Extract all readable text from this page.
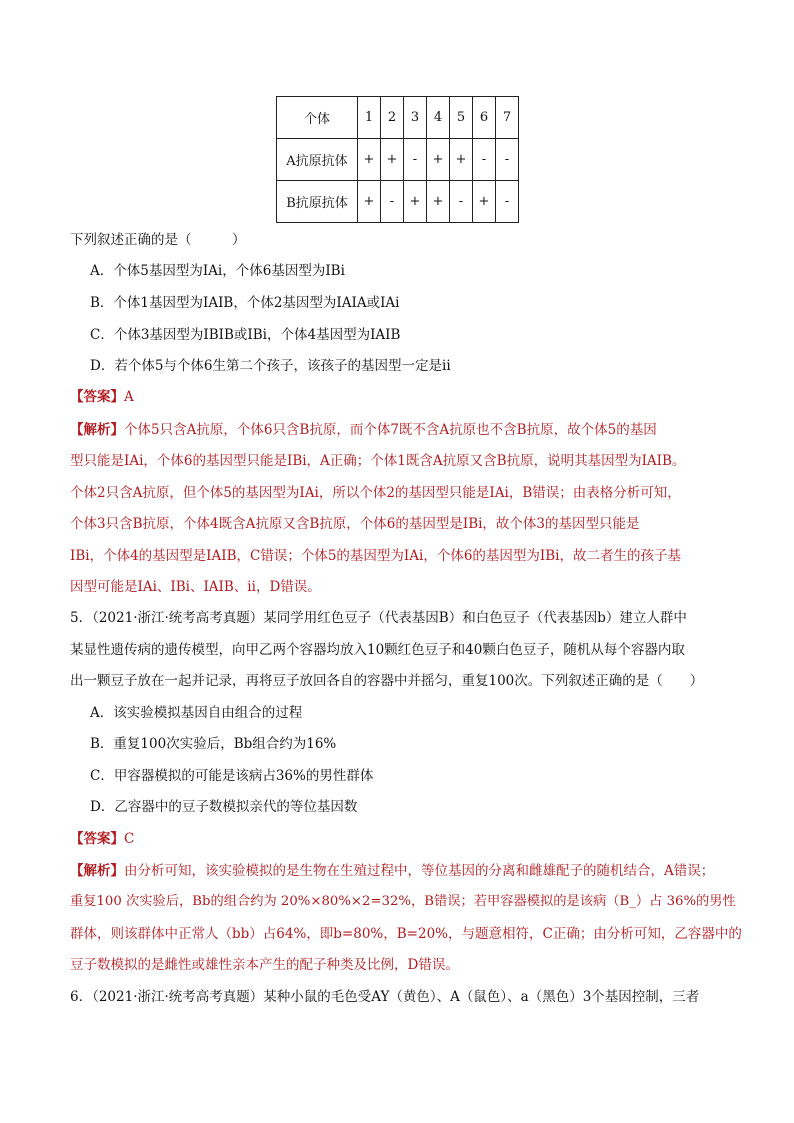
个体	1	2	3	4	5	6	7
A抗原抗体	+	+	-	+	+	-	-
B抗原抗体	+	-	+	+	-	+	-
下列叙述正确的是（　　　）
A．个体5基因型为IAi，个体6基因型为IBi
B．个体1基因型为IAIB，个体2基因型为IAIA或IAi
C．个体3基因型为IBIB或IBi，个体4基因型为IAIB
D．若个体5与个体6生第二个孩子，该孩子的基因型一定是ii
【答案】A
【解析】个体5只含A抗原，个体6只含B抗原，而个体7既不含A抗原也不含B抗原，故个体5的基因
型只能是IAi，个体6的基因型只能是IBi，A正确；个体1既含A抗原又含B抗原，说明其基因型为IAIB。
个体2只含A抗原，但个体5的基因型为IAi，所以个体2的基因型只能是IAi，B错误；由表格分析可知，
个体3只含B抗原，个体4既含A抗原又含B抗原，个体6的基因型是IBi，故个体3的基因型只能是
IBi，个体4的基因型是IAIB，C错误；个体5的基因型为IAi，个体6的基因型为IBi，故二者生的孩子基
因型可能是IAi、IBi、IAIB、ii，D错误。
5．（2021·浙江·统考高考真题）某同学用红色豆子（代表基因B）和白色豆子（代表基因b）建立人群中
某显性遗传病的遗传模型，向甲乙两个容器均放入10颗红色豆子和40颗白色豆子，随机从每个容器内取
出一颗豆子放在一起并记录，再将豆子放回各自的容器中并摇匀，重复100次。下列叙述正确的是（　　）
A．该实验模拟基因自由组合的过程
B．重复100次实验后，Bb组合约为16%
C．甲容器模拟的可能是该病占36%的男性群体
D．乙容器中的豆子数模拟亲代的等位基因数
【答案】C
【解析】由分析可知，该实验模拟的是生物在生殖过程中，等位基因的分离和雌雄配子的随机结合，A错误；
重复100 次实验后，Bb的组合约为 20%×80%×2=32%，B错误；若甲容器模拟的是该病（B_）占 36%的男性
群体，则该群体中正常人（bb）占64%，即b=80%，B=20%，与题意相符，C正确；由分析可知，乙容器中的
豆子数模拟的是雌性或雄性亲本产生的配子种类及比例，D错误。
6．（2021·浙江·统考高考真题）某种小鼠的毛色受AY（黄色）、A（鼠色）、a（黑色）3个基因控制，三者
